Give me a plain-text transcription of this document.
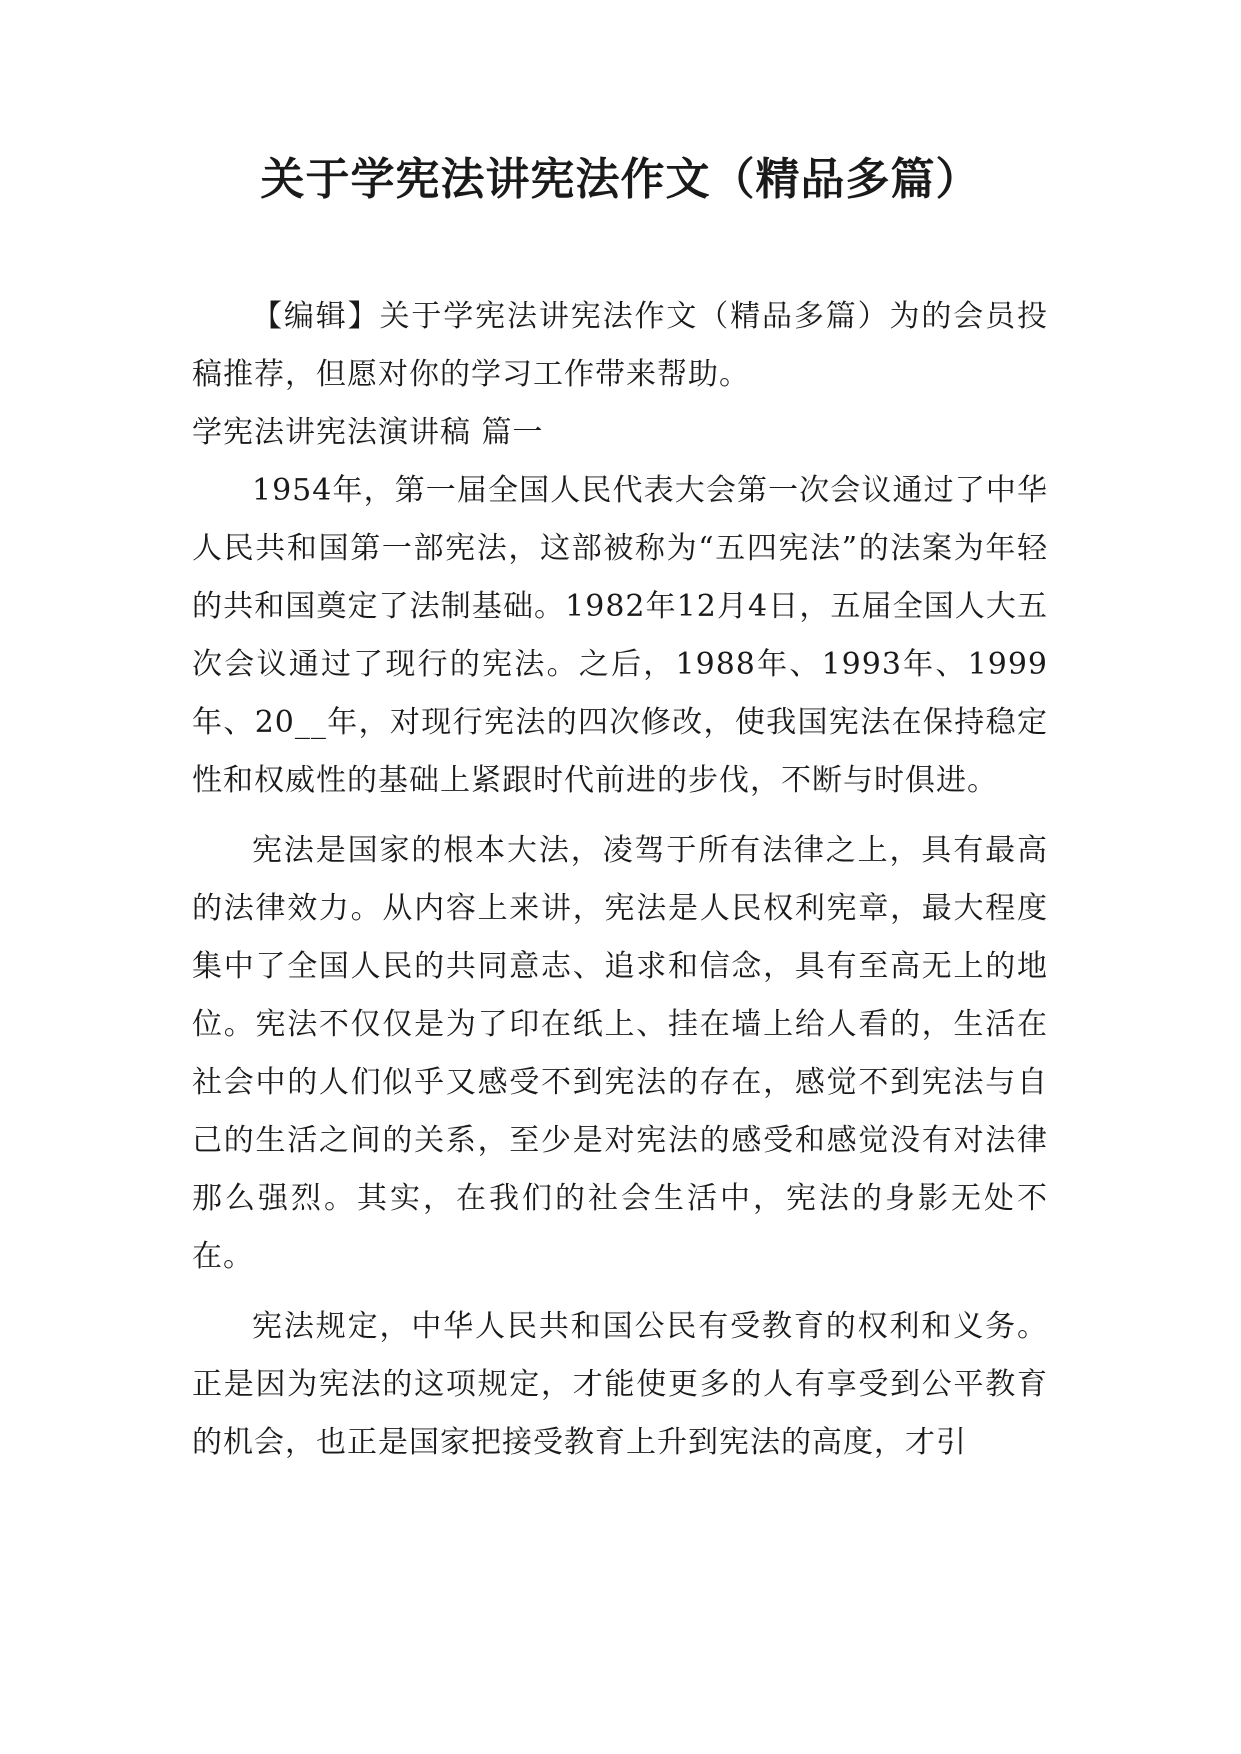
关于学宪法讲宪法作文（精品多篇）

【编辑】关于学宪法讲宪法作文（精品多篇）为的会员投稿推荐，但愿对你的学习工作带来帮助。

学宪法讲宪法演讲稿 篇一

1954年，第一届全国人民代表大会第一次会议通过了中华人民共和国第一部宪法，这部被称为“五四宪法”的法案为年轻的共和国奠定了法制基础。1982年12月4日，五届全国人大五次会议通过了现行的宪法。之后，1988年、1993年、1999年、20__年，对现行宪法的四次修改，使我国宪法在保持稳定性和权威性的基础上紧跟时代前进的步伐，不断与时俱进。

宪法是国家的根本大法，凌驾于所有法律之上，具有最高的法律效力。从内容上来讲，宪法是人民权利宪章，最大程度集中了全国人民的共同意志、追求和信念，具有至高无上的地位。宪法不仅仅是为了印在纸上、挂在墙上给人看的，生活在社会中的人们似乎又感受不到宪法的存在，感觉不到宪法与自己的生活之间的关系，至少是对宪法的感受和感觉没有对法律那么强烈。其实，在我们的社会生活中，宪法的身影无处不在。

宪法规定，中华人民共和国公民有受教育的权利和义务。正是因为宪法的这项规定，才能使更多的人有享受到公平教育的机会，也正是国家把接受教育上升到宪法的高度，才引
